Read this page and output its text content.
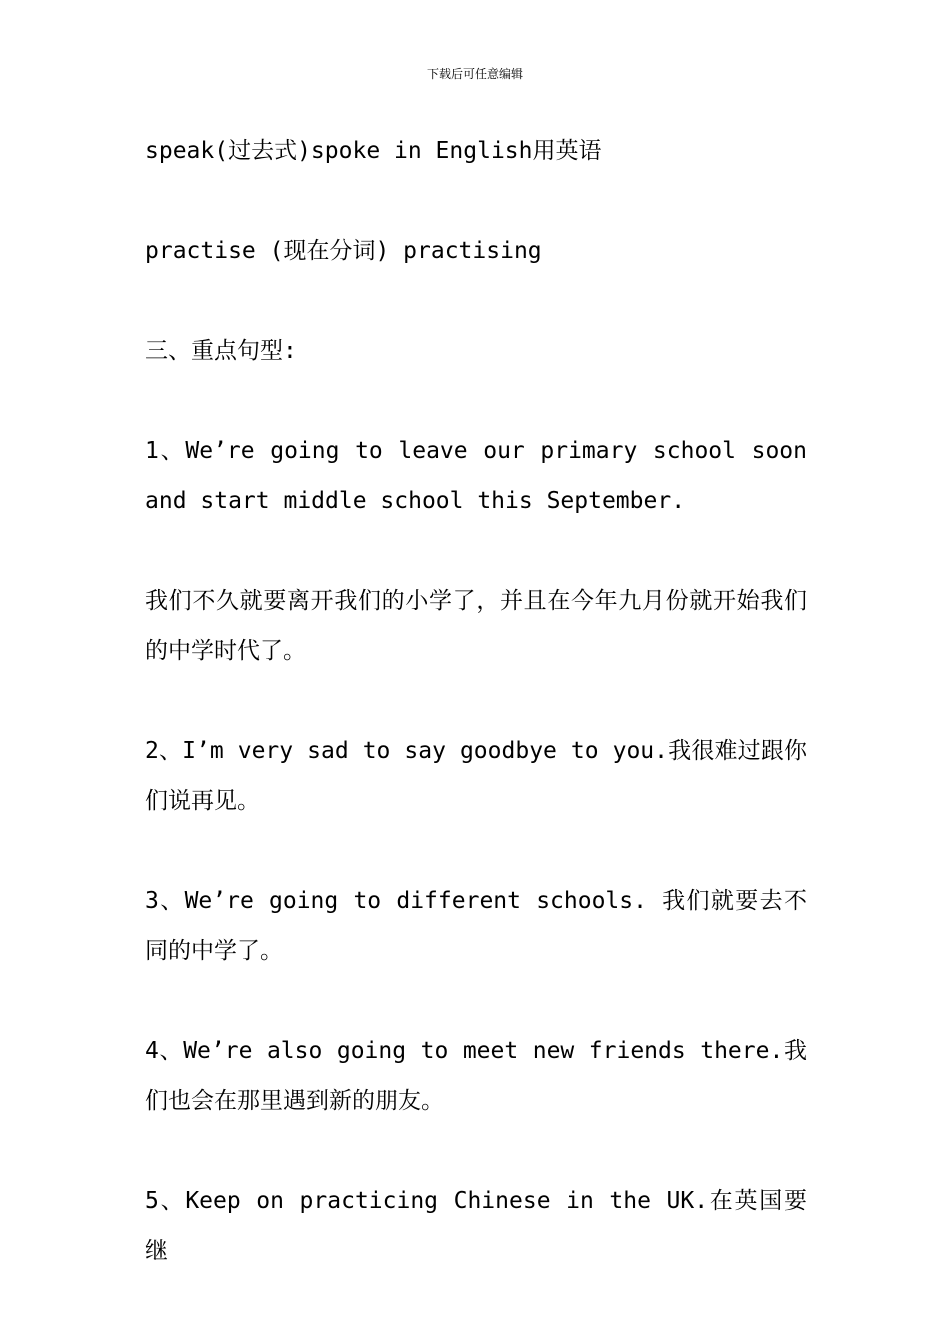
下载后可任意编辑

speak(过去式)spoke in English用英语

practise (现在分词) practising

三、重点句型:

1、We’re going to leave our primary school soon and start middle school this September.

我们不久就要离开我们的小学了，并且在今年九月份就开始我们的中学时代了。

2、I’m very sad to say goodbye to you.我很难过跟你们说再见。

3、We’re going to different schools. 我们就要去不同的中学了。

4、We’re also going to meet new friends there.我们也会在那里遇到新的朋友。

5、Keep on practicing Chinese in the UK.在英国要继
